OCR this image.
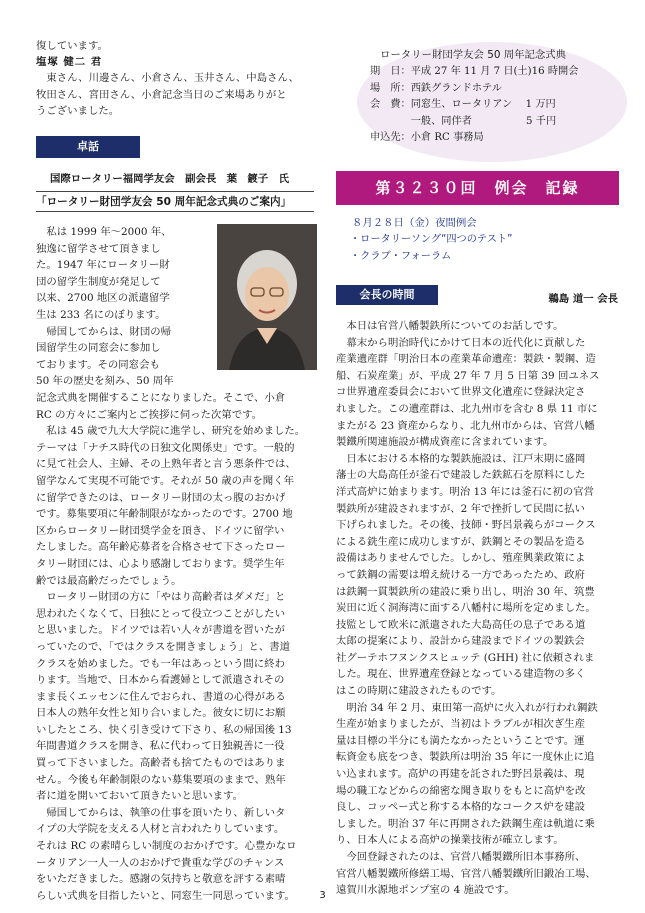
第３２３０回　例会　記録
復しています。
塩塚 健二 君
東さん、川邊さん、小倉さん、玉井さん、中島さん、
牧田さん、宮田さん、小倉記念当日のご来場ありがと
うございました。
卓話
国際ロータリー福岡学友会　副会長　葉　鍍子　氏
「ロータリー財団学友会 50 周年記念式典のご案内」
私は 1999 年〜2000 年、
独逸に留学させて頂きまし
た。1947 年にロータリー財
団の留学生制度が発足して
以来、2700 地区の派遣留学
生は 233 名にのぼります。
帰国してからは、財団の帰
国留学生の同窓会に参加し
ております。その同窓会も
50 年の歴史を刻み、50 周年
記念式典を開催することになりました。そこで、小倉
RC の方々にご案内とご挨拶に伺った次第です。
私は 45 歳で九大大学院に進学し、研究を始めました。
テーマは「ナチス時代の日独文化関係史」です。一般的
に見て社会人、主婦、その上熟年者と言う悪条件では、
留学なんて実現不可能です。それが 50 歳の声を聞く年
に留学できたのは、ロータリー財団の太っ腹のおかげ
です。募集要項に年齢制限がなかったのです。2700 地
区からロータリー財団奨学金を頂き、ドイツに留学い
たしました。高年齢応募者を合格させて下さったロー
タリー財団には、心より感謝しております。奨学生年
齢では最高齢だったでしょう。
ロータリー財団の方に「やはり高齢者はダメだ」と
思われたくなくて、日独にとって役立つことがしたい
と思いました。ドイツでは若い人々が書道を習いたが
っていたので、「ではクラスを開きましょう」と、書道
クラスを始めました。でも一年はあっという間に終わ
ります。当地で、日本から看護婦として派遣されその
まま長くエッセンに住んでおられ、書道の心得がある
日本人の熟年女性と知り合いました。彼女に切にお願
いしたところ、快く引き受けて下さり、私の帰国後 13
年間書道クラスを開き、私に代わって日独親善に一役
買って下さいました。高齢者も捨てたものではありま
せん。今後も年齢制限のない募集要項のままで、熟年
者に道を開いておいて頂きたいと思います。
帰国してからは、執筆の仕事を頂いたり、新しいタ
イプの大学院を支える人材と言われたりしています。
それは RC の素晴らしい制度のおかげです。心豊かなロ
ータリアン一人一人のおかげで貴重な学びのチャンス
をいただきました。感謝の気持ちと敬意を評する素晴
らしい式典を目指したいと、同窓生一同思っています。
ロータリー財団学友会 50 周年記念式典
期　日：平成 27 年 11 月 7 日(土)16 時開会
場　所：西鉄グランドホテル
会　費：同窓生、ロータリアン　 1 万円
　　　　一般、同伴者　　　　　 5 千円
申込先：小倉 RC 事務局
８月２８日（金）夜間例会
・ロータリーソング“四つのテスト”
・クラブ・フォーラム
会長の時間	鵜島 道一 会長
本日は官営八幡製鉄所についてのお話しです。
幕末から明治時代にかけて日本の近代化に貢献した
産業遺産群「明治日本の産業革命遺産：製鉄・製鋼、造
船、石炭産業」が、平成 27 年 7 月 5 日第 39 回ユネス
コ世界遺産委員会において世界文化遺産に登録決定さ
れました。この遺産群は、北九州市を含む 8 県 11 市に
またがる 23 資産からなり、北九州市からは、官営八幡
製鐵所関連施設が構成資産に含まれています。
日本における本格的な製鉄施設は、江戸末期に盛岡
藩士の大島高任が釜石で建設した鉄鉱石を原料にした
洋式高炉に始まります。明治 13 年には釜石に初の官営
製鉄所が建設されますが、2 年で挫折して民間に払い
下げられました。その後、技師・野呂景義らがコークス
による銑生産に成功しますが、鉄鋼とその製品を造る
設備はありませんでした。しかし、殖産興業政策によ
って鉄鋼の需要は増え続ける一方であったため、政府
は鉄鋼一貫製鉄所の建設に乗り出し、明治 30 年、筑豊
炭田に近く洞海湾に面する八幡村に場所を定めました。
技監として欧米に派遣された大島高任の息子である道
太郎の提案により、設計から建設までドイツの製鉄会
社グーテホフヌンクスヒュッテ (GHH) 社に依頼されま
した。現在、世界遺産登録となっている建造物の多く
はこの時期に建設されたものです。
明治 34 年 2 月、東田第一高炉に火入れが行われ鋼鉄
生産が始まりましたが、当初はトラブルが相次ぎ生産
量は目標の半分にも満たなかったということです。運
転資金も底をつき、製鉄所は明治 35 年に一度休止に追
い込まれます。高炉の再建を託された野呂景義は、現
場の職工などからの綿密な聞き取りをもとに高炉を改
良し、コッペー式と称する本格的なコークス炉を建設
しました。明治 37 年に再開された鉄鋼生産は軌道に乗
り、日本人による高炉の操業技術が確立します。
今回登録されたのは、官営八幡製鐵所旧本事務所、
官営八幡製鐵所修繕工場、官営八幡製鐵所旧鍛冶工場、
遠賀川水源地ポンプ室の 4 施設です。
3
